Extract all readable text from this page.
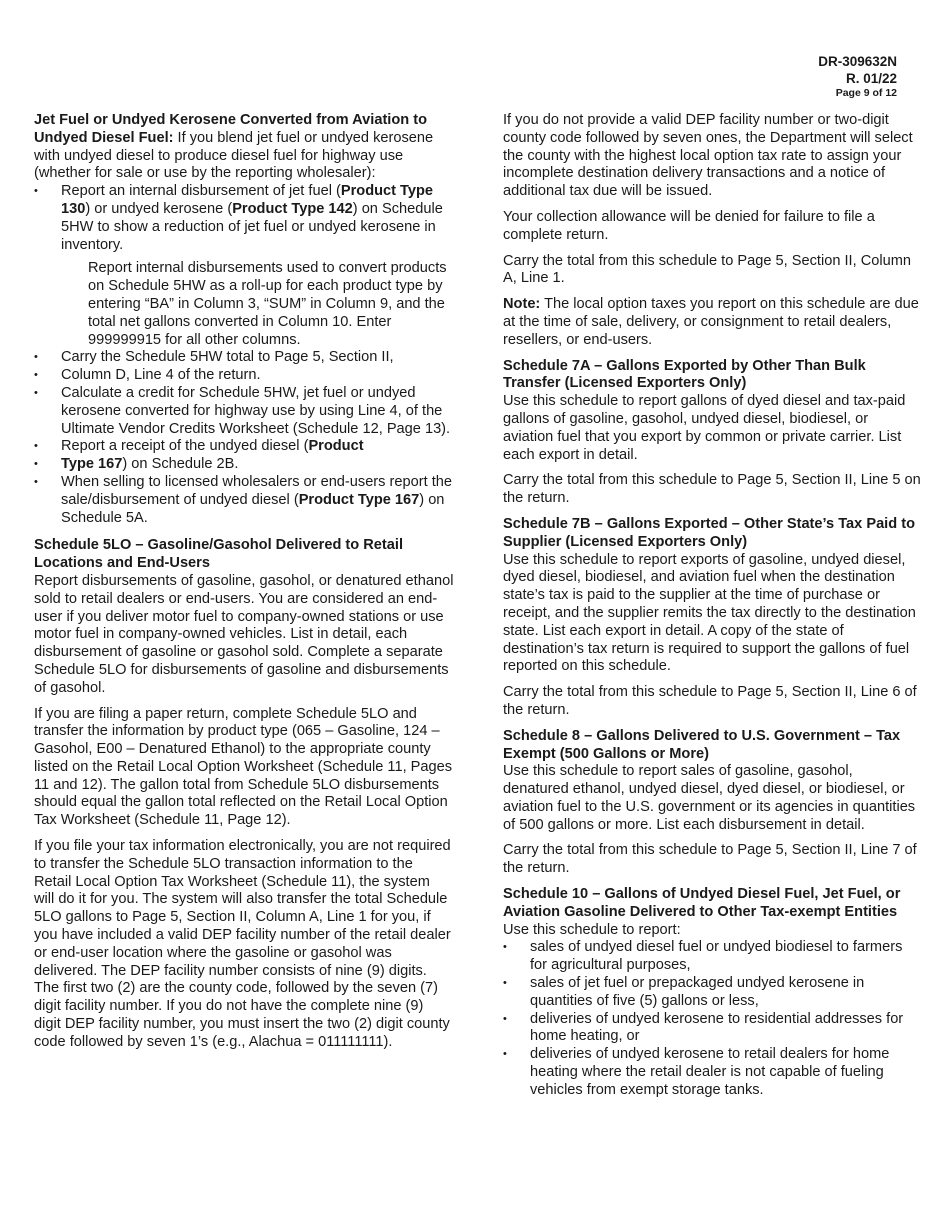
DR-309632N
R. 01/22
Page 9 of 12

Jet Fuel or Undyed Kerosene Converted from Aviation to Undyed Diesel Fuel: If you blend jet fuel or undyed kerosene with undyed diesel to produce diesel fuel for highway use (whether for sale or use by the reporting wholesaler):

• Report an internal disbursement of jet fuel (Product Type 130) or undyed kerosene (Product Type 142) on Schedule 5HW to show a reduction of jet fuel or undyed kerosene in inventory.

Report internal disbursements used to convert products on Schedule 5HW as a roll-up for each product type by entering “BA” in Column 3, “SUM” in Column 9, and the total net gallons converted in Column 10. Enter 999999915 for all other columns.

• Carry the Schedule 5HW total to Page 5, Section II,
• Column D, Line 4 of the return.
• Calculate a credit for Schedule 5HW, jet fuel or undyed kerosene converted for highway use by using Line 4, of the Ultimate Vendor Credits Worksheet (Schedule 12, Page 13).
• Report a receipt of the undyed diesel (Product
• Type 167) on Schedule 2B.
• When selling to licensed wholesalers or end-users report the sale/disbursement of undyed diesel (Product Type 167) on Schedule 5A.

Schedule 5LO – Gasoline/Gasohol Delivered to Retail Locations and End-Users

Report disbursements of gasoline, gasohol, or denatured ethanol sold to retail dealers or end-users. You are considered an end-user if you deliver motor fuel to company-owned stations or use motor fuel in company-owned vehicles. List in detail, each disbursement of gasoline or gasohol sold. Complete a separate Schedule 5LO for disbursements of gasoline and disbursements of gasohol.

If you are filing a paper return, complete Schedule 5LO and transfer the information by product type (065 – Gasoline, 124 – Gasohol, E00 – Denatured Ethanol) to the appropriate county listed on the Retail Local Option Worksheet (Schedule 11, Pages 11 and 12). The gallon total from Schedule 5LO disbursements should equal the gallon total reflected on the Retail Local Option Tax Worksheet (Schedule 11, Page 12).

If you file your tax information electronically, you are not required to transfer the Schedule 5LO transaction information to the Retail Local Option Tax Worksheet (Schedule 11), the system will do it for you. The system will also transfer the total Schedule 5LO gallons to Page 5, Section II, Column A, Line 1 for you, if you have included a valid DEP facility number of the retail dealer or end-user location where the gasoline or gasohol was delivered. The DEP facility number consists of nine (9) digits. The first two (2) are the county code, followed by the seven (7) digit facility number. If you do not have the complete nine (9) digit DEP facility number, you must insert the two (2) digit county code followed by seven 1’s (e.g., Alachua = 011111111).

If you do not provide a valid DEP facility number or two-digit county code followed by seven ones, the Department will select the county with the highest local option tax rate to assign your incomplete destination delivery transactions and a notice of additional tax due will be issued.

Your collection allowance will be denied for failure to file a complete return.

Carry the total from this schedule to Page 5, Section II, Column A, Line 1.

Note: The local option taxes you report on this schedule are due at the time of sale, delivery, or consignment to retail dealers, resellers, or end-users.

Schedule 7A – Gallons Exported by Other Than Bulk Transfer (Licensed Exporters Only)

Use this schedule to report gallons of dyed diesel and tax-paid gallons of gasoline, gasohol, undyed diesel, biodiesel, or aviation fuel that you export by common or private carrier. List each export in detail.

Carry the total from this schedule to Page 5, Section II, Line 5 on the return.

Schedule 7B – Gallons Exported – Other State’s Tax Paid to Supplier (Licensed Exporters Only)

Use this schedule to report exports of gasoline, undyed diesel, dyed diesel, biodiesel, and aviation fuel when the destination state’s tax is paid to the supplier at the time of purchase or receipt, and the supplier remits the tax directly to the destination state. List each export in detail. A copy of the state of destination’s tax return is required to support the gallons of fuel reported on this schedule.

Carry the total from this schedule to Page 5, Section II, Line 6 of the return.

Schedule 8 – Gallons Delivered to U.S. Government – Tax Exempt (500 Gallons or More)

Use this schedule to report sales of gasoline, gasohol, denatured ethanol, undyed diesel, dyed diesel, or biodiesel, or aviation fuel to the U.S. government or its agencies in quantities of 500 gallons or more. List each disbursement in detail.

Carry the total from this schedule to Page 5, Section II, Line 7 of the return.

Schedule 10 – Gallons of Undyed Diesel Fuel, Jet Fuel, or Aviation Gasoline Delivered to Other Tax-exempt Entities

Use this schedule to report:

• sales of undyed diesel fuel or undyed biodiesel to farmers for agricultural purposes,
• sales of jet fuel or prepackaged undyed kerosene in quantities of five (5) gallons or less,
• deliveries of undyed kerosene to residential addresses for home heating, or
• deliveries of undyed kerosene to retail dealers for home heating where the retail dealer is not capable of fueling vehicles from exempt storage tanks.
